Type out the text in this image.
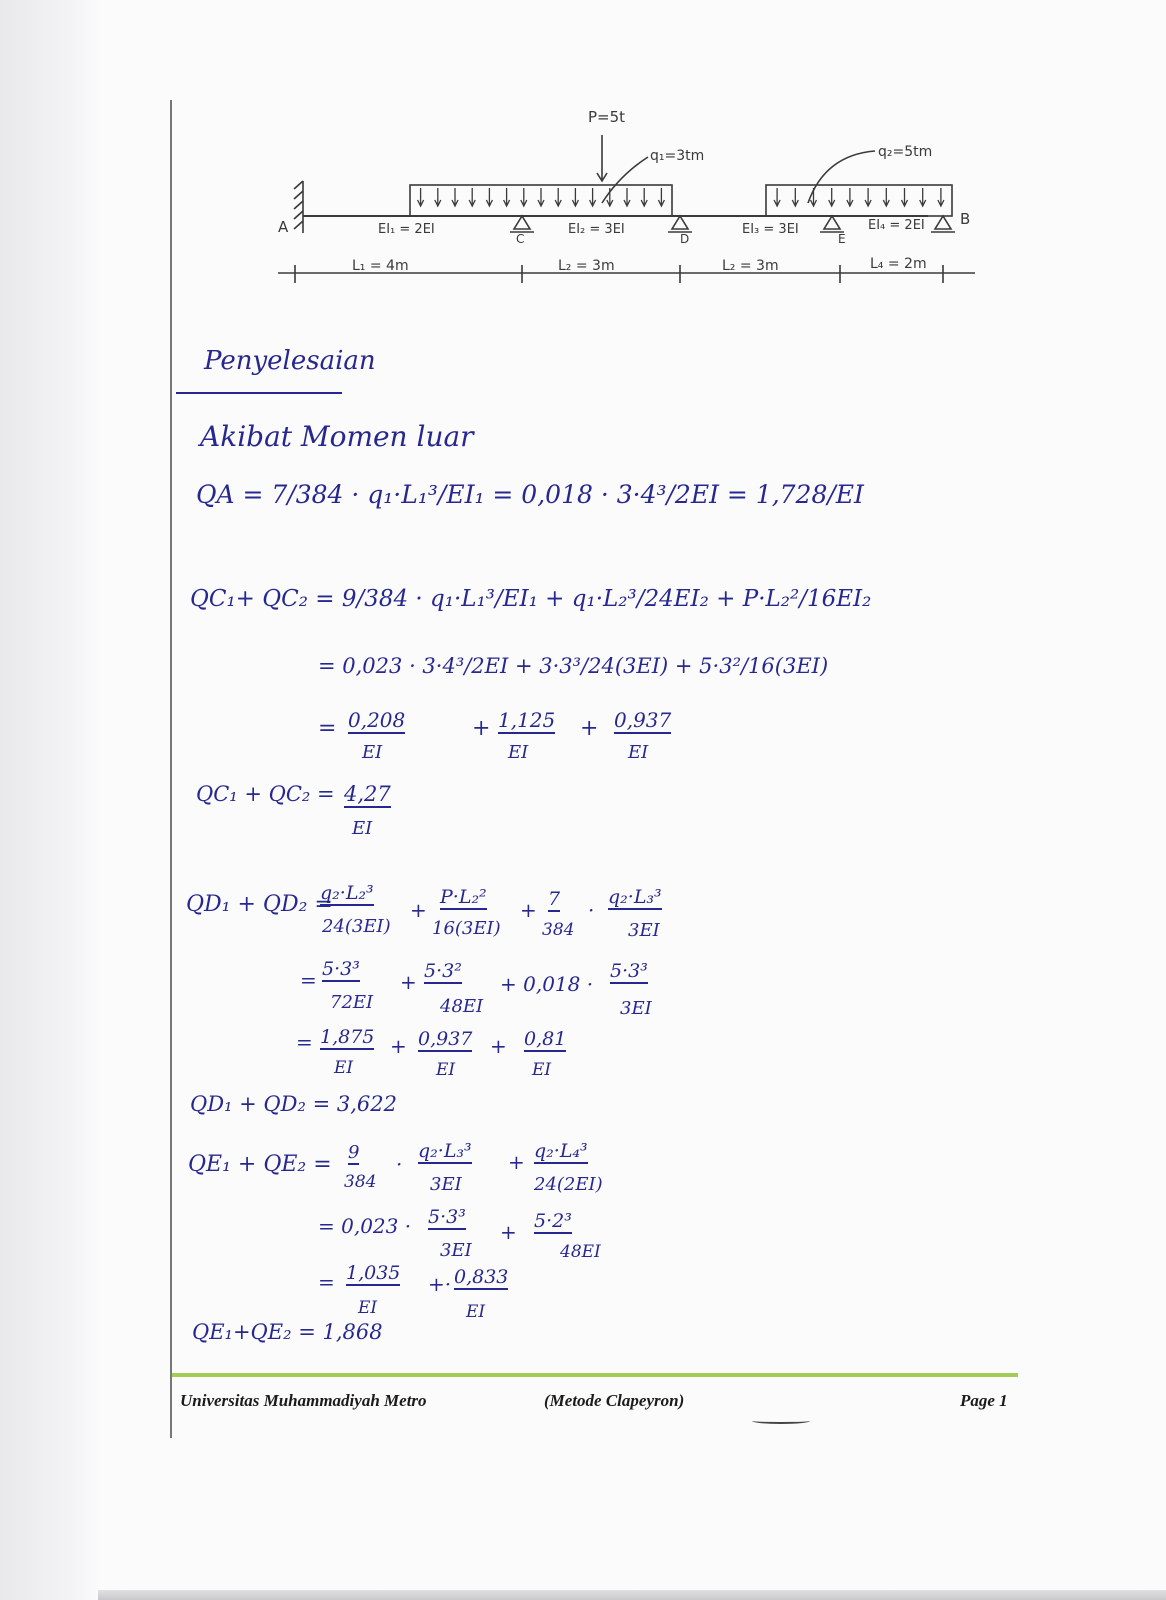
P=5t
q₁=3tm	q₂=5tm
A	B
C	D	E
EI₁ = 2EI	EI₂ = 3EI	EI₃ = 3EI	EI₄ = 2EI
L₁ = 4m	L₂ = 3m	L₂ = 3m	L₄ = 2m
Penyelesaian
Akibat Momen luar
QA = 7/384 · q₁·L₁³/EI₁ = 0,018 · 3·4³/2EI = 1,728/EI
QC₁+ QC₂ = 9/384 · q₁·L₁³/EI₁ + q₁·L₂³/24EI₂ + P·L₂²/16EI₂
= 0,023 · 3·4³/2EI + 3·3³/24(3EI) + 5·3²/16(3EI)
= 0,208
EI
+ 1,125
EI
+ 0,937
EI
QC₁ + QC₂ = 4,27
EI
QD₁ + QD₂ =
q₂·L₂³
24(3EI)
+
P·L₂²
16(3EI)
+ 7
384
·
q₂·L₃³
3EI
= 5·3³
72EI
+ 5·3²
48EI
+ 0,018 ·
5·3³
3EI
= 1,875
EI
+ 0,937
EI
+ 0,81
EI
QD₁ + QD₂ = 3,622
QE₁ + QE₂ = 9
384
·
q₂·L₃³
3EI
+ q₂·L₄³
24(2EI)
= 0,023 · 5·3³
3EI
+ 5·2³
48EI
= 1,035
EI
+· 0,833
EI
QE₁+QE₂ = 1,868
Universitas Muhammadiyah Metro	(Metode Clapeyron)	Page 1
